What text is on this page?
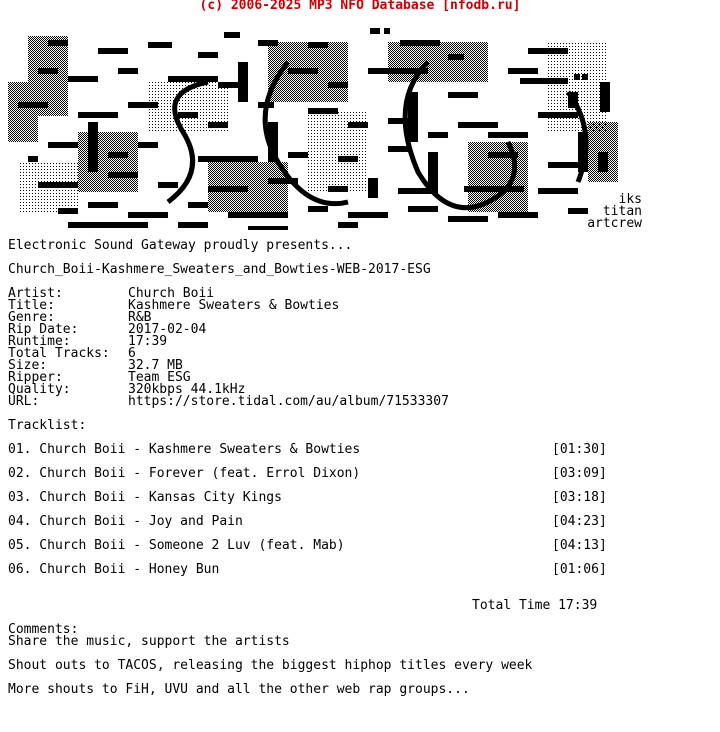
(c) 2006-2025 MP3 NFO Database [nfodb.ru]
iks
titan
artcrew
Electronic Sound Gateway proudly presents...
Church_Boii-Kashmere_Sweaters_and_Bowties-WEB-2017-ESG
Artist:	Church Boii
Title:	Kashmere Sweaters & Bowties
Genre:	R&B
Rip Date:	2017-02-04
Runtime:	17:39
Total Tracks: 6
Size:	32.7 MB
Ripper:	Team ESG
Quality:	320kbps 44.1kHz
URL:	https://store.tidal.com/au/album/71533307
Tracklist:
01. Church Boii - Kashmere Sweaters & Bowties	[01:30]
02. Church Boii - Forever (feat. Errol Dixon)	[03:09]
03. Church Boii - Kansas City Kings	[03:18]
04. Church Boii - Joy and Pain	[04:23]
05. Church Boii - Someone 2 Luv (feat. Mab)	[04:13]
06. Church Boii - Honey Bun	[01:06]
Total Time 17:39
Comments:
Share the music, support the artists
Shout outs to TACOS, releasing the biggest hiphop titles every week
More shouts to FiH, UVU and all the other web rap groups...
